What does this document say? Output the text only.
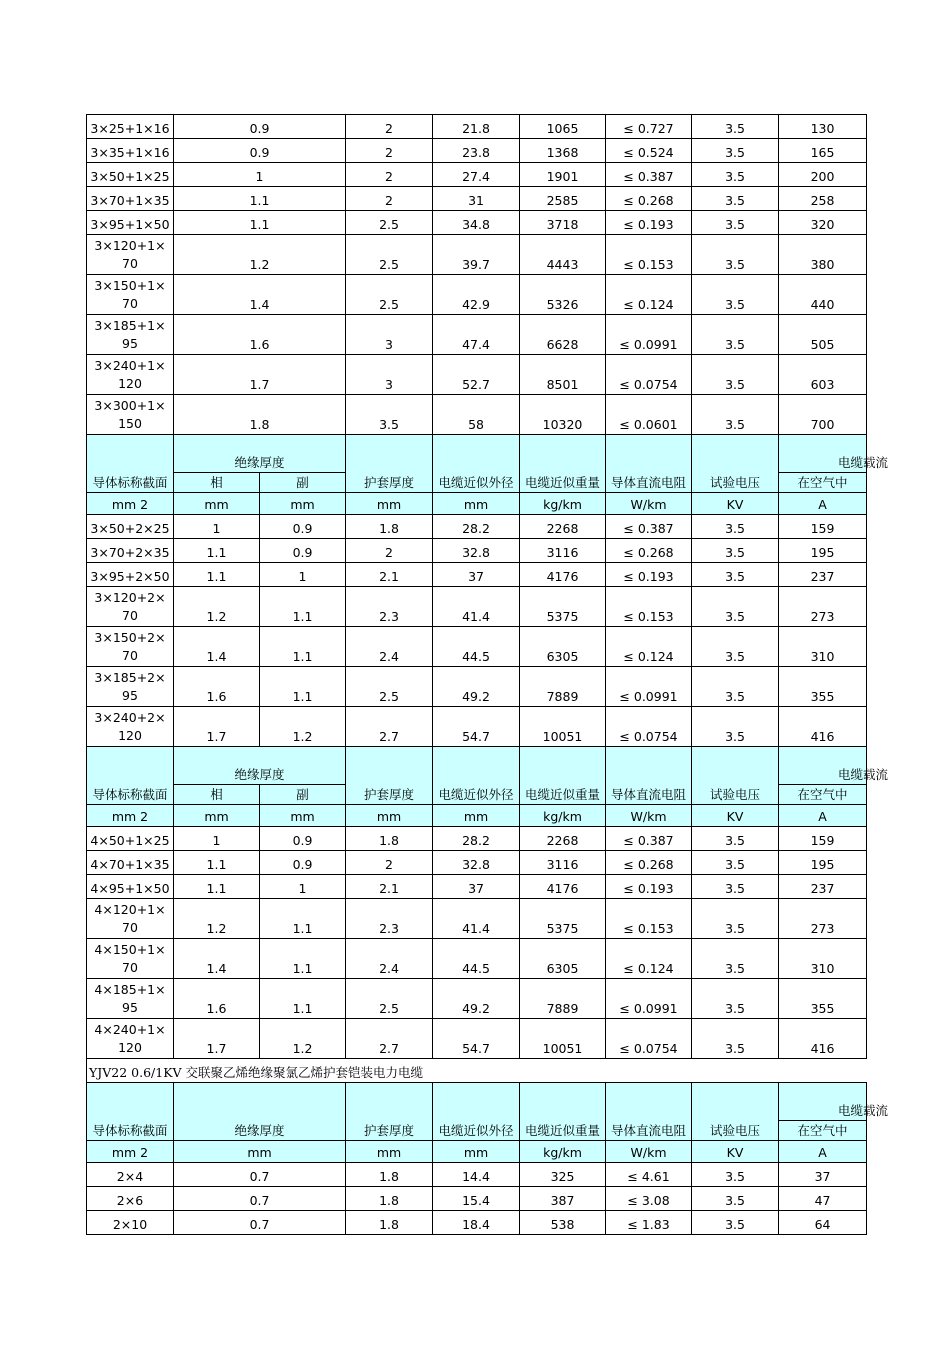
3×25+1×16	0.9		2	21.8	1065	≤ 0.727	3.5	130
3×35+1×16	0.9		2	23.8	1368	≤ 0.524	3.5	165
3×50+1×25	1		2	27.4	1901	≤ 0.387	3.5	200
3×70+1×35	1.1		2	31	2585	≤ 0.268	3.5	258
3×95+1×50	1.1		2.5	34.8	3718	≤ 0.193	3.5	320
3×120+1× 70	1.2		2.5	39.7	4443	≤ 0.153	3.5	380
3×150+1× 70	1.4		2.5	42.9	5326	≤ 0.124	3.5	440
3×185+1× 95	1.6		3	47.4	6628	≤ 0.0991	3.5	505
3×240+1× 120	1.7		3	52.7	8501	≤ 0.0754	3.5	603
3×300+1× 150	1.8		3.5	58	10320	≤ 0.0601	3.5	700
导体标称截面	绝缘厚度		护套厚度	电缆近似外径	电缆近似重量	导体直流电阻	试验电压	电缆载流

	相	副						在空气中
mm 2	mm	mm	mm	mm	kg/km	W/km	KV	A
3×50+2×25	1	0.9	1.8	28.2	2268	≤ 0.387	3.5	159
3×70+2×35	1.1	0.9	2	32.8	3116	≤ 0.268	3.5	195
3×95+2×50	1.1	1	2.1	37	4176	≤ 0.193	3.5	237
3×120+2× 70	1.2	1.1	2.3	41.4	5375	≤ 0.153	3.5	273
3×150+2× 70	1.4	1.1	2.4	44.5	6305	≤ 0.124	3.5	310
3×185+2× 95	1.6	1.1	2.5	49.2	7889	≤ 0.0991	3.5	355
3×240+2× 120	1.7	1.2	2.7	54.7	10051	≤ 0.0754	3.5	416
导体标称截面	绝缘厚度		护套厚度	电缆近似外径	电缆近似重量	导体直流电阻	试验电压	电缆载流

	相	副						在空气中
mm 2	mm	mm	mm	mm	kg/km	W/km	KV	A
4×50+1×25	1	0.9	1.8	28.2	2268	≤ 0.387	3.5	159
4×70+1×35	1.1	0.9	2	32.8	3116	≤ 0.268	3.5	195
4×95+1×50	1.1	1	2.1	37	4176	≤ 0.193	3.5	237
4×120+1× 70	1.2	1.1	2.3	41.4	5375	≤ 0.153	3.5	273
4×150+1× 70	1.4	1.1	2.4	44.5	6305	≤ 0.124	3.5	310
4×185+1× 95	1.6	1.1	2.5	49.2	7889	≤ 0.0991	3.5	355
4×240+1× 120	1.7	1.2	2.7	54.7	10051	≤ 0.0754	3.5	416
YJV22 0.6/1KV 交联聚乙烯绝缘聚氯乙烯护套铠装电力电缆								
导体标称截面	绝缘厚度		护套厚度	电缆近似外径	电缆近似重量	导体直流电阻	试验电压	电缆载流

								在空气中
mm 2	mm		mm	mm	kg/km	W/km	KV	A
2×4	0.7		1.8	14.4	325	≤ 4.61	3.5	37
2×6	0.7		1.8	15.4	387	≤ 3.08	3.5	47
2×10	0.7		1.8	18.4	538	≤ 1.83	3.5	64
